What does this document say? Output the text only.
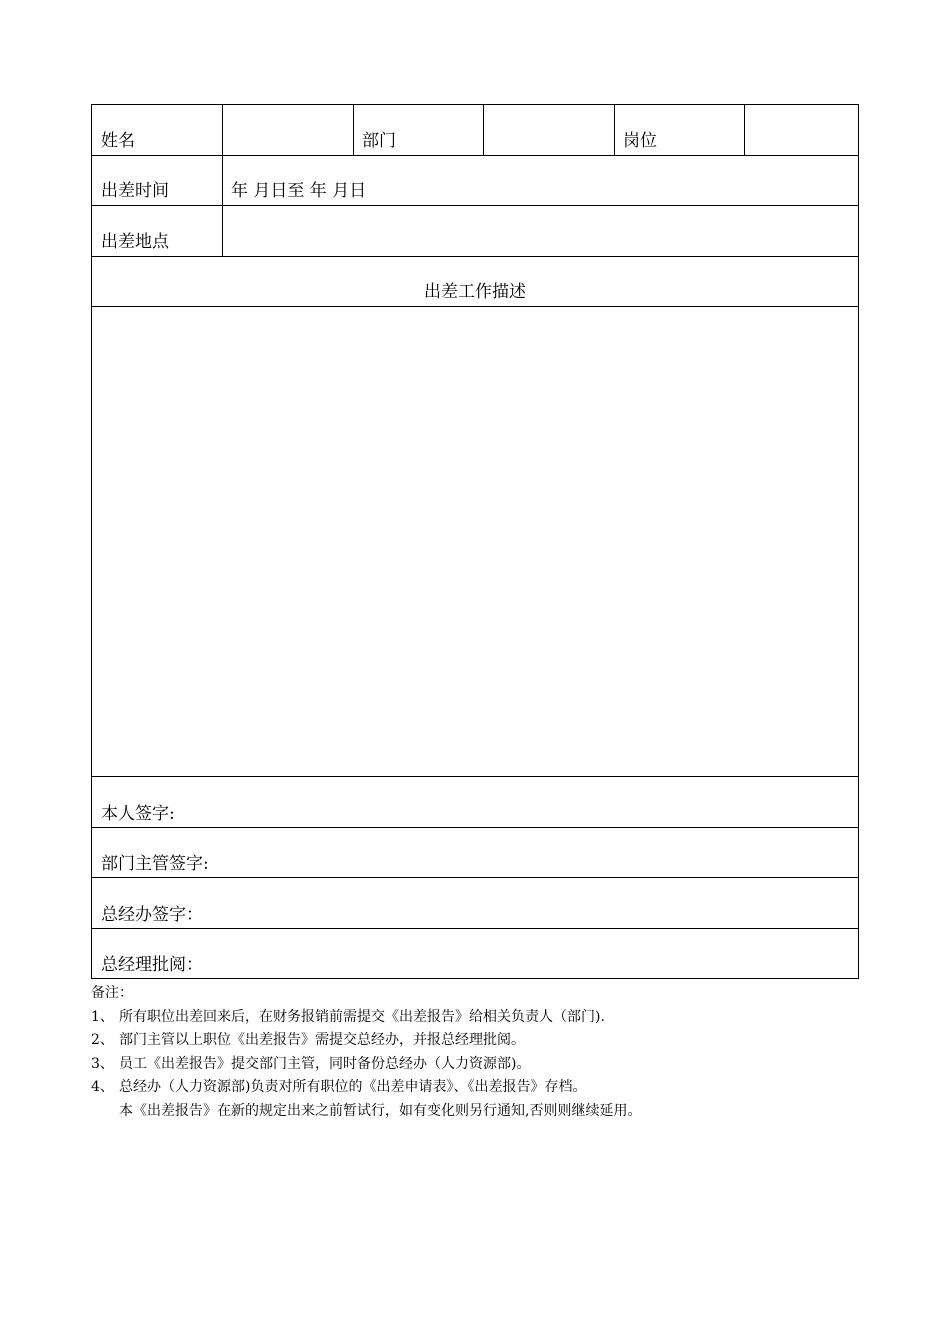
姓名	部门	岗位
出差时间	年 月日至 年 月日
出差地点
出差工作描述
本人签字:
部门主管签字:
总经办签字：
总经理批阅：
备注：
1、 所有职位出差回来后，在财务报销前需提交《出差报告》给相关负责人（部门).
2、 部门主管以上职位《出差报告》需提交总经办，并报总经理批阅。
3、 员工《出差报告》提交部门主管，同时备份总经办（人力资源部)。
4、 总经办（人力资源部)负责对所有职位的《出差申请表》、《出差报告》存档。
本《出差报告》在新的规定出来之前暂试行，如有变化则另行通知,否则则继续延用。
